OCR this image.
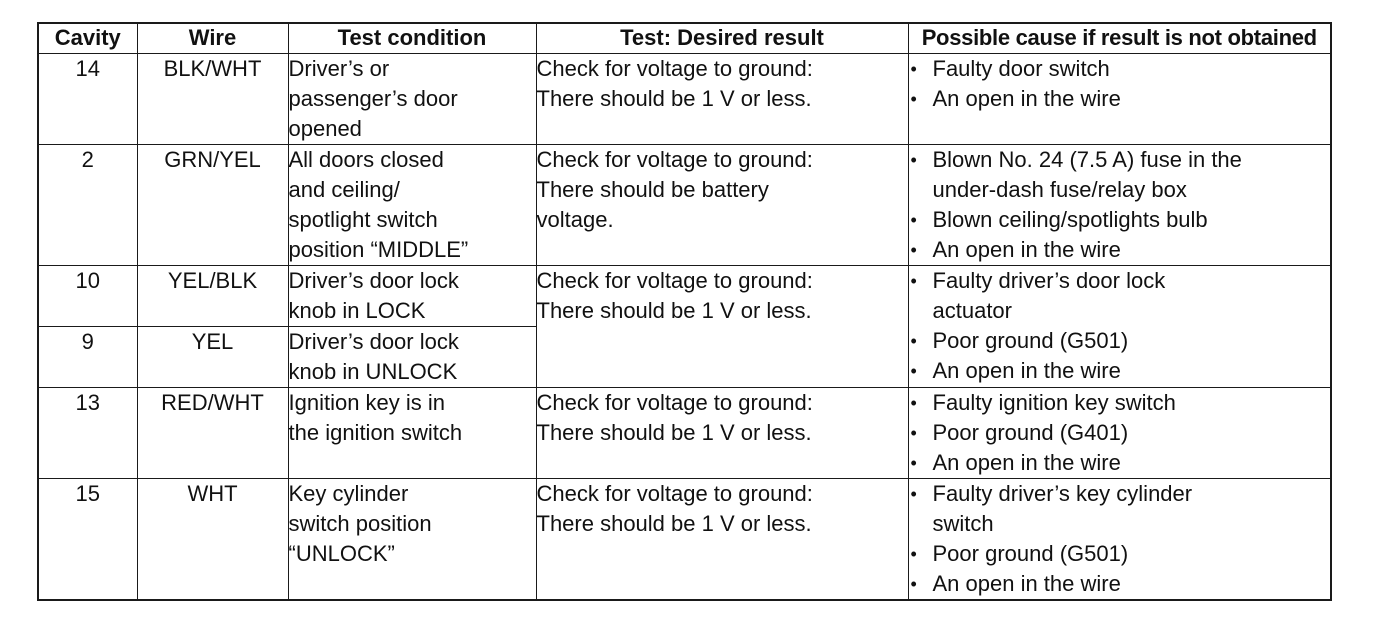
Cavity	Wire	Test condition	Test: Desired result	Possible cause if result is not obtained
14	BLK/WHT	Driver’s or
passenger’s door
opened	Check for voltage to ground:
There should be 1 V or less.	• Faulty door switch
• An open in the wire

2	GRN/YEL	All doors closed
and ceiling/
spotlight switch
position “MIDDLE”	Check for voltage to ground:
There should be battery
voltage.	• Blown No. 24 (7.5 A) fuse in the
under-dash fuse/relay box
• Blown ceiling/spotlights bulb
• An open in the wire

10	YEL/BLK	Driver’s door lock
knob in LOCK	Check for voltage to ground:
There should be 1 V or less.	• Faulty driver’s door lock
actuator
• Poor ground (G501)
• An open in the wire

9	YEL	Driver’s door lock
knob in UNLOCK		

13	RED/WHT	Ignition key is in
the ignition switch	Check for voltage to ground:
There should be 1 V or less.	• Faulty ignition key switch
• Poor ground (G401)
• An open in the wire

15	WHT	Key cylinder
switch position
“UNLOCK”	Check for voltage to ground:
There should be 1 V or less.	• Faulty driver’s key cylinder
switch
• Poor ground (G501)
• An open in the wire
